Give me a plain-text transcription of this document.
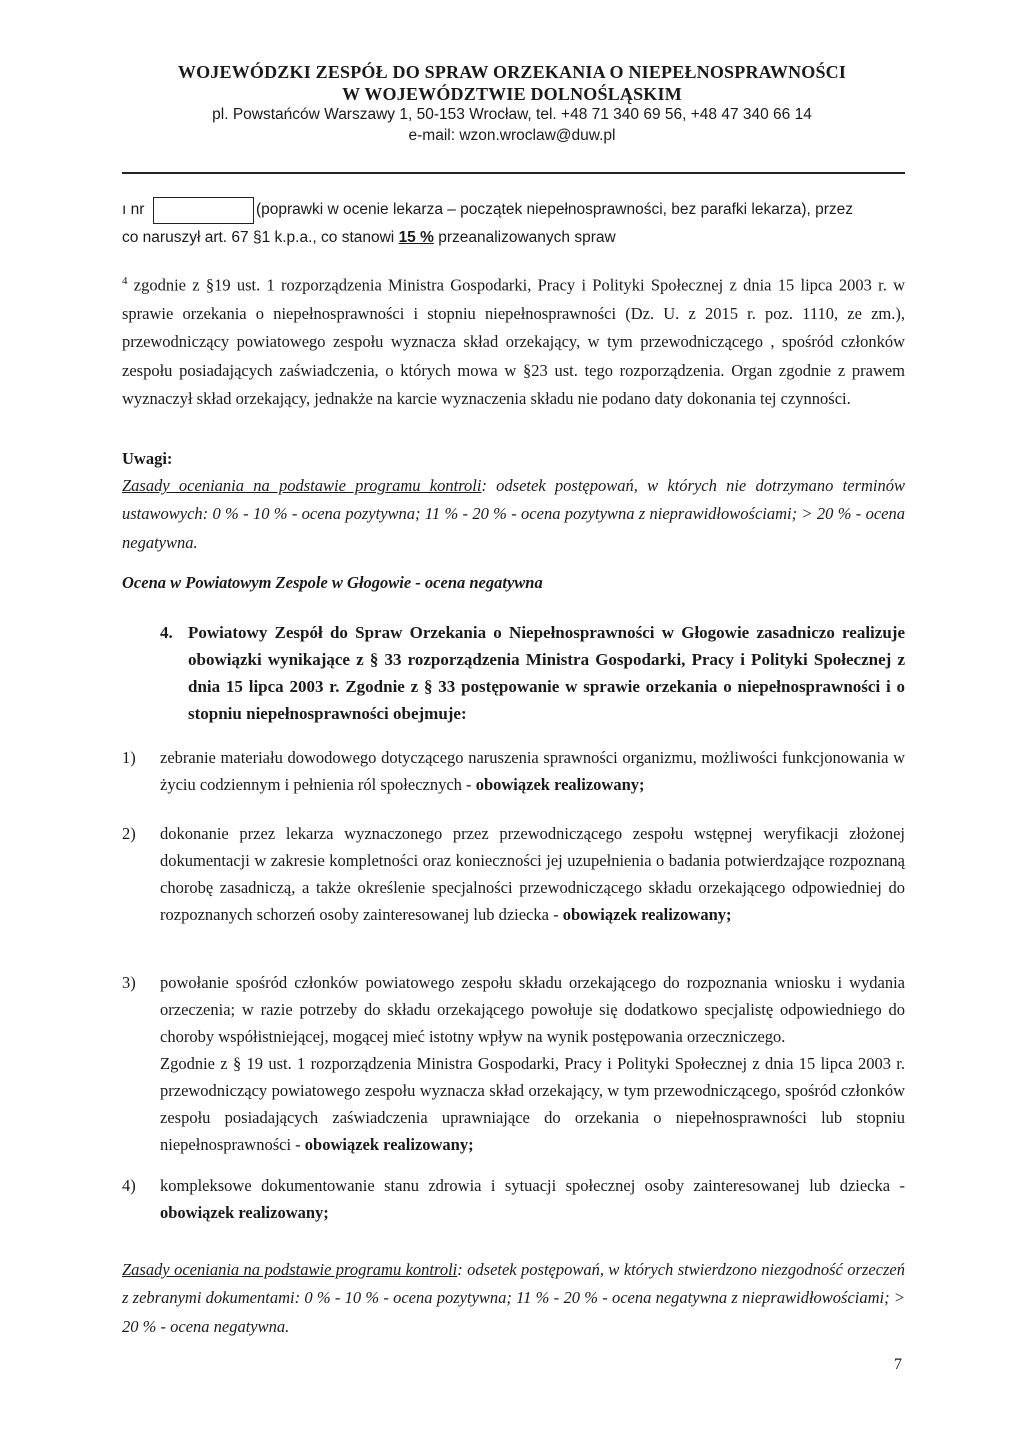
WOJEWÓDZKI ZESPÓŁ DO SPRAW ORZEKANIA O NIEPEŁNOSPRAWNOŚCI
W WOJEWÓDZTWIE DOLNOŚLĄSKIM
pl. Powstańców Warszawy 1, 50-153 Wrocław, tel. +48 71 340 69 56, +48 47 340 66 14
e-mail: wzon.wroclaw@duw.pl
ı nr	(poprawki w ocenie lekarza – początek niepełnosprawności, bez parafki lekarza), przez
co naruszył art. 67 §1 k.p.a., co stanowi 15 % przeanalizowanych spraw
$^4$ zgodnie z §19 ust. 1 rozporządzenia Ministra Gospodarki, Pracy i Polityki Społecznej z dnia 15 lipca 2003 r. w sprawie orzekania o niepełnosprawności i stopniu niepełnosprawności (Dz. U. z 2015 r. poz. 1110, ze zm.), przewodniczący powiatowego zespołu wyznacza skład orzekający, w tym przewodniczącego , spośród członków zespołu posiadających zaświadczenia, o których mowa w §23 ust. tego rozporządzenia. Organ zgodnie z prawem wyznaczył skład orzekający, jednakże na karcie wyznaczenia składu nie podano daty dokonania tej czynności.
Uwagi:
Zasady oceniania na podstawie programu kontroli: odsetek postępowań, w których nie dotrzymano terminów ustawowych: 0 % - 10 % - ocena pozytywna; 11 % - 20 % - ocena pozytywna z nieprawidłowościami; > 20 % - ocena negatywna.
Ocena w Powiatowym Zespole w Głogowie - ocena negatywna
4. Powiatowy Zespół do Spraw Orzekania o Niepełnosprawności w Głogowie zasadniczo realizuje obowiązki wynikające z § 33 rozporządzenia Ministra Gospodarki, Pracy i Polityki Społecznej z dnia 15 lipca 2003 r. Zgodnie z § 33 postępowanie w sprawie orzekania o niepełnosprawności i o stopniu niepełnosprawności obejmuje:
1) zebranie materiału dowodowego dotyczącego naruszenia sprawności organizmu, możliwości funkcjonowania w życiu codziennym i pełnienia ról społecznych - obowiązek realizowany;
2) dokonanie przez lekarza wyznaczonego przez przewodniczącego zespołu wstępnej weryfikacji złożonej dokumentacji w zakresie kompletności oraz konieczności jej uzupełnienia o badania potwierdzające rozpoznaną chorobę zasadniczą, a także określenie specjalności przewodniczącego składu orzekającego odpowiedniej do rozpoznanych schorzeń osoby zainteresowanej lub dziecka - obowiązek realizowany;
3) powołanie spośród członków powiatowego zespołu składu orzekającego do rozpoznania wniosku i wydania orzeczenia; w razie potrzeby do składu orzekającego powołuje się dodatkowo specjalistę odpowiedniego do choroby współistniejącej, mogącej mieć istotny wpływ na wynik postępowania orzeczniczego.
Zgodnie z § 19 ust. 1 rozporządzenia Ministra Gospodarki, Pracy i Polityki Społecznej z dnia 15 lipca 2003 r. przewodniczący powiatowego zespołu wyznacza skład orzekający, w tym przewodniczącego, spośród członków zespołu posiadających zaświadczenia uprawniające do orzekania o niepełnosprawności lub stopniu niepełnosprawności - obowiązek realizowany;
4) kompleksowe dokumentowanie stanu zdrowia i sytuacji społecznej osoby zainteresowanej lub dziecka - obowiązek realizowany;
Zasady oceniania na podstawie programu kontroli: odsetek postępowań, w których stwierdzono niezgodność orzeczeń z zebranymi dokumentami: 0 % - 10 % - ocena pozytywna; 11 % - 20 % - ocena negatywna z nieprawidłowościami; > 20 % - ocena negatywna.
7
